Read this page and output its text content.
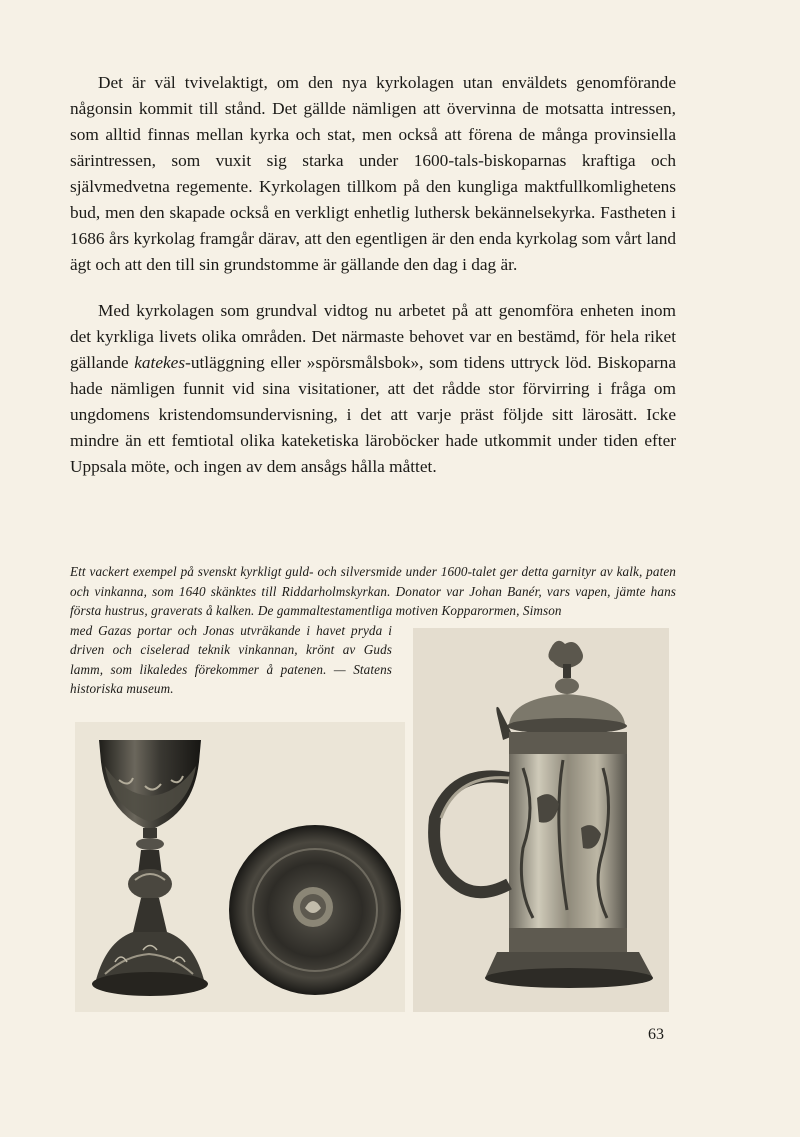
Det är väl tvivelaktigt, om den nya kyrkolagen utan enväldets genomförande någonsin kommit till stånd. Det gällde nämligen att övervinna de motsatta intressen, som alltid finnas mellan kyrka och stat, men också att förena de många provinsiella särintressen, som vuxit sig starka under 1600-tals-biskoparnas kraftiga och självmedvetna regemente. Kyrkolagen tillkom på den kungliga maktfullkomlighetens bud, men den skapade också en verkligt enhetlig luthersk bekännelsekyrka. Fastheten i 1686 års kyrkolag framgår därav, att den egentligen är den enda kyrkolag som vårt land ägt och att den till sin grundstomme är gällande den dag i dag är.

Med kyrkolagen som grundval vidtog nu arbetet på att genomföra enheten inom det kyrkliga livets olika områden. Det närmaste behovet var en bestämd, för hela riket gällande katekes-utläggning eller »spörsmålsbok», som tidens uttryck löd. Biskoparna hade nämligen funnit vid sina visitationer, att det rådde stor förvirring i fråga om ungdomens kristendomsundervisning, i det att varje präst följde sitt lärosätt. Icke mindre än ett femtiotal olika kateketiska läroböcker hade utkommit under tiden efter Uppsala möte, och ingen av dem ansågs hålla måttet.

Ett vackert exempel på svenskt kyrkligt guld- och silversmide under 1600-talet ger detta garnityr av kalk, paten och vinkanna, som 1640 skänktes till Riddarholmskyrkan. Donator var Johan Banér, vars vapen, jämte hans första hustrus, graverats å kalken. De gammaltestamentliga motiven Kopparormen, Simson
med Gazas portar och Jonas utvräkande i havet pryda i driven och ciselerad teknik vinkannan, krönt av Guds lamm, som likaledes förekommer å patenen. — Statens historiska museum.
63
